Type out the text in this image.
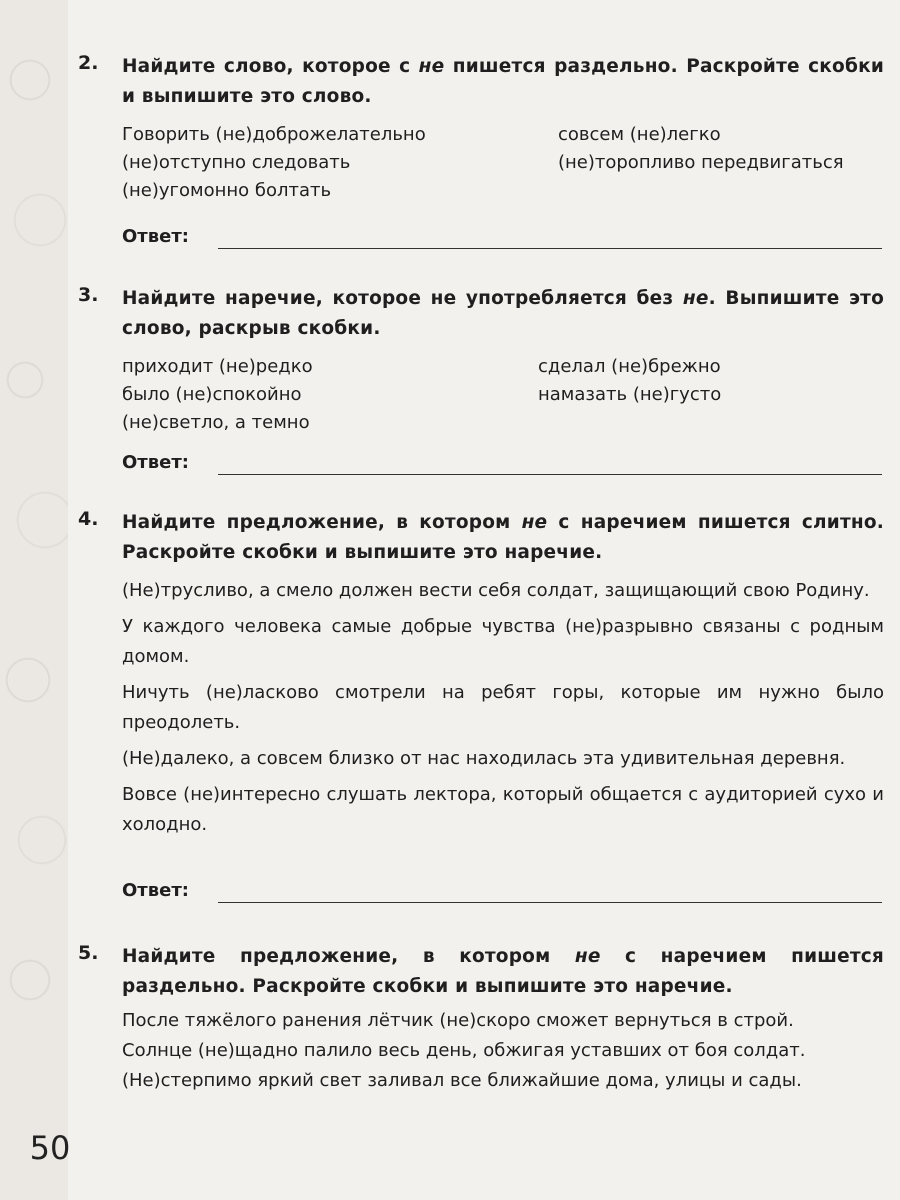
2. Найдите слово, которое с не пишется раздельно. Раскройте скобки и выпишите это слово.
Говорить (не)доброжелательно	совсем (не)легко
(не)отступно следовать	(не)торопливо передвигаться
(не)угомонно болтать
Ответ:
3. Найдите наречие, которое не употребляется без не. Выпишите это слово, раскрыв скобки.
приходит (не)редко	сделал (не)брежно
было (не)спокойно	намазать (не)густо
(не)светло, а темно
Ответ:
4. Найдите предложение, в котором не с наречием пишется слитно. Раскройте скобки и выпишите это наречие.
(Не)трусливо, а смело должен вести себя солдат, защищающий свою Родину.
У каждого человека самые добрые чувства (не)разрывно связаны с родным домом.
Ничуть (не)ласково смотрели на ребят горы, которые им нужно было преодолеть.
(Не)далеко, а совсем близко от нас находилась эта удивительная деревня.
Вовсе (не)интересно слушать лектора, который общается с аудиторией сухо и холодно.
Ответ:
5. Найдите предложение, в котором не с наречием пишется раздельно. Раскройте скобки и выпишите это наречие.
После тяжёлого ранения лётчик (не)скоро сможет вернуться в строй.
Солнце (не)щадно палило весь день, обжигая уставших от боя солдат.
(Не)стерпимо яркий свет заливал все ближайшие дома, улицы и сады.
50
